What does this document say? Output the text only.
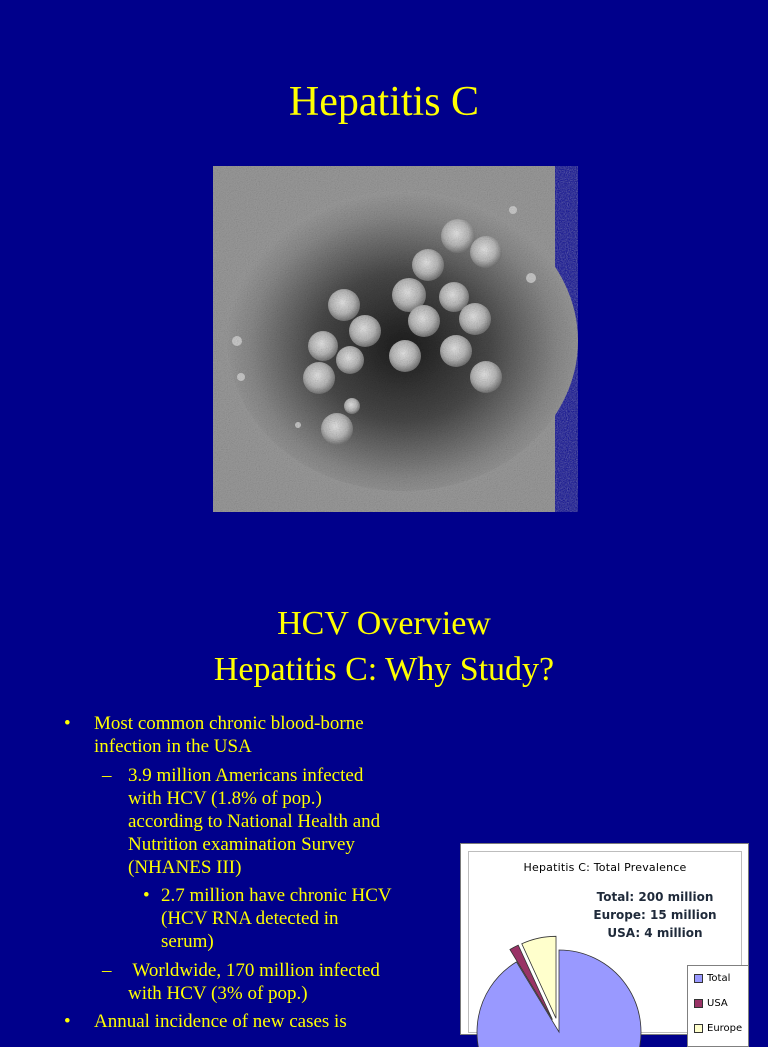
Hepatitis C
HCV Overview
Hepatitis C: Why Study?
• Most common chronic blood-borne
infection in the USA
– 3.9 million Americans infected
with HCV (1.8% of pop.)
according to National Health and
Nutrition examination Survey
(NHANES III)
• 2.7 million have chronic HCV
(HCV RNA detected in
serum)
– Worldwide, 170 million infected
with HCV (3% of pop.)
• Annual incidence of new cases is
Hepatitis C: Total Prevalence
Total: 200 million
Europe: 15 million
USA: 4 million
Total
USA
Europe
